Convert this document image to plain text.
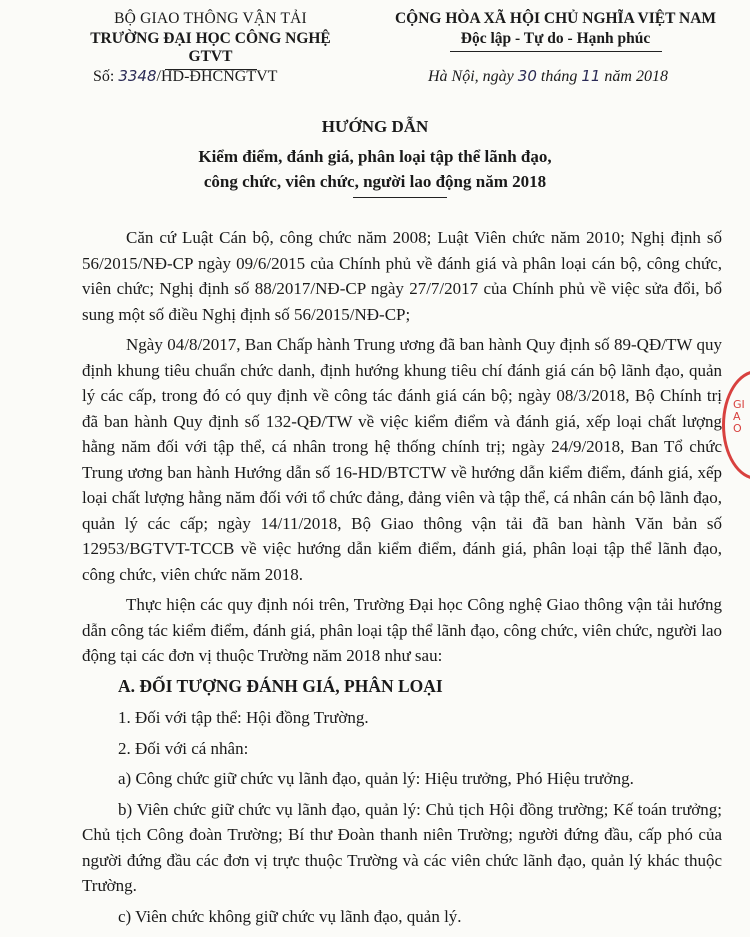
BỘ GIAO THÔNG VẬN TẢI
TRƯỜNG ĐẠI HỌC CÔNG NGHỆ GTVT
CỘNG HÒA XÃ HỘI CHỦ NGHĨA VIỆT NAM
Độc lập - Tự do - Hạnh phúc
Số: 3348/HD-ĐHCNGTVT	Hà Nội, ngày 30 tháng 11 năm 2018
HƯỚNG DẪN
Kiểm điểm, đánh giá, phân loại tập thể lãnh đạo,
công chức, viên chức, người lao động năm 2018

Căn cứ Luật Cán bộ, công chức năm 2008; Luật Viên chức năm 2010; Nghị định số 56/2015/NĐ-CP ngày 09/6/2015 của Chính phủ về đánh giá và phân loại cán bộ, công chức, viên chức; Nghị định số 88/2017/NĐ-CP ngày 27/7/2017 của Chính phủ về việc sửa đổi, bổ sung một số điều Nghị định số 56/2015/NĐ-CP;

Ngày 04/8/2017, Ban Chấp hành Trung ương đã ban hành Quy định số 89-QĐ/TW quy định khung tiêu chuẩn chức danh, định hướng khung tiêu chí đánh giá cán bộ lãnh đạo, quản lý các cấp, trong đó có quy định về công tác đánh giá cán bộ; ngày 08/3/2018, Bộ Chính trị đã ban hành Quy định số 132-QĐ/TW về việc kiểm điểm và đánh giá, xếp loại chất lượng hằng năm đối với tập thể, cá nhân trong hệ thống chính trị; ngày 24/9/2018, Ban Tổ chức Trung ương ban hành Hướng dẫn số 16-HD/BTCTW về hướng dẫn kiểm điểm, đánh giá, xếp loại chất lượng hằng năm đối với tổ chức đảng, đảng viên và tập thể, cá nhân cán bộ lãnh đạo, quản lý các cấp; ngày 14/11/2018, Bộ Giao thông vận tải đã ban hành Văn bản số 12953/BGTVT-TCCB về việc hướng dẫn kiểm điểm, đánh giá, phân loại tập thể lãnh đạo, công chức, viên chức năm 2018.

Thực hiện các quy định nói trên, Trường Đại học Công nghệ Giao thông vận tải hướng dẫn công tác kiểm điểm, đánh giá, phân loại tập thể lãnh đạo, công chức, viên chức, người lao động tại các đơn vị thuộc Trường năm 2018 như sau:

A. ĐỐI TƯỢNG ĐÁNH GIÁ, PHÂN LOẠI

1. Đối với tập thể: Hội đồng Trường.

2. Đối với cá nhân:

a) Công chức giữ chức vụ lãnh đạo, quản lý: Hiệu trưởng, Phó Hiệu trưởng.

b) Viên chức giữ chức vụ lãnh đạo, quản lý: Chủ tịch Hội đồng trường; Kế toán trưởng; Chủ tịch Công đoàn Trường; Bí thư Đoàn thanh niên Trường; người đứng đầu, cấp phó của người đứng đầu các đơn vị trực thuộc Trường và các viên chức lãnh đạo, quản lý khác thuộc Trường.

c) Viên chức không giữ chức vụ lãnh đạo, quản lý.

GIAO
